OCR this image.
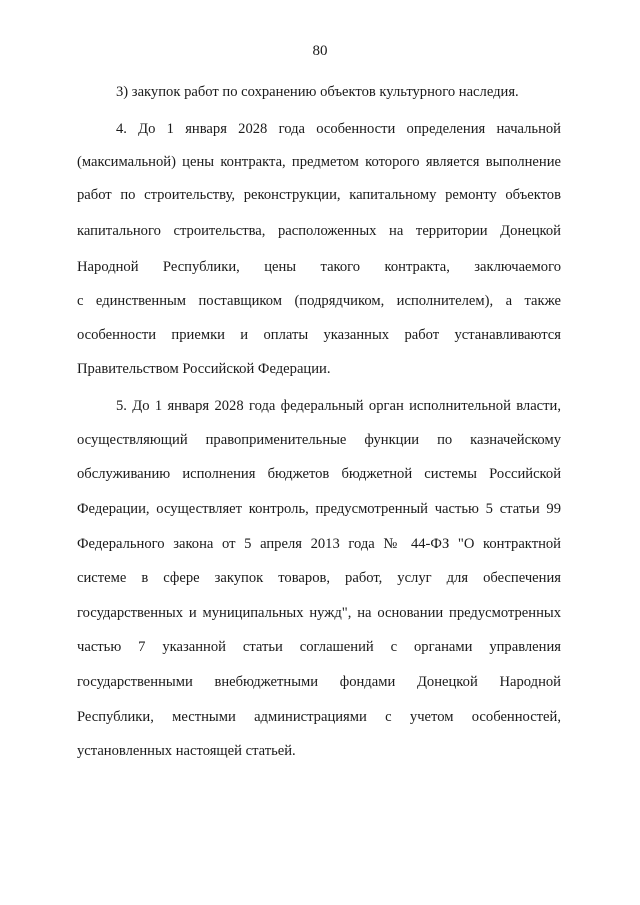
80
3) закупок работ по сохранению объектов культурного наследия.
4. До 1 января 2028 года особенности определения начальной
(максимальной) цены контракта, предметом которого является выполнение
работ по строительству, реконструкции, капитальному ремонту объектов
капитального строительства, расположенных на территории Донецкой
Народной Республики, цены такого контракта, заключаемого
с единственным поставщиком (подрядчиком, исполнителем), а также
особенности приемки и оплаты указанных работ устанавливаются
Правительством Российской Федерации.
5. До 1 января 2028 года федеральный орган исполнительной власти,
осуществляющий правоприменительные функции по казначейскому
обслуживанию исполнения бюджетов бюджетной системы Российской
Федерации, осуществляет контроль, предусмотренный частью 5 статьи 99
Федерального закона от 5 апреля 2013 года № 44-ФЗ "О контрактной
системе в сфере закупок товаров, работ, услуг для обеспечения
государственных и муниципальных нужд", на основании предусмотренных
частью 7 указанной статьи соглашений с органами управления
государственными внебюджетными фондами Донецкой Народной
Республики, местными администрациями с учетом особенностей,
установленных настоящей статьей.
